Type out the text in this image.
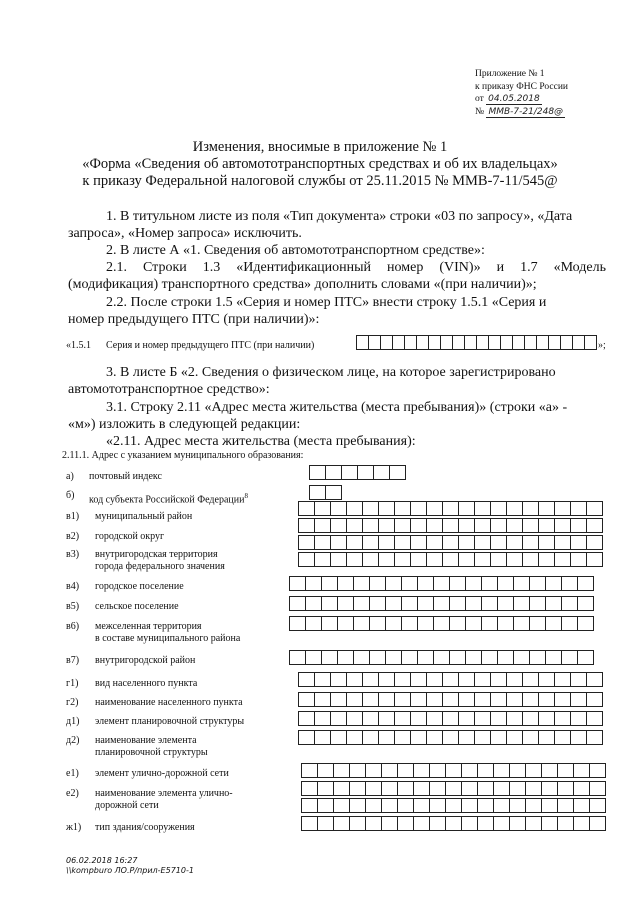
Приложение № 1
к приказу ФНС России
от 04.05.2018
№ ММВ-7-21/248@
Изменения, вносимые в приложение № 1
«Форма «Сведения об автомототранспортных средствах и об их владельцах»
к приказу Федеральной налоговой службы от 25.11.2015 № ММВ-7-11/545@
1. В титульном листе из поля «Тип документа» строки «03 по запросу», «Дата
запроса», «Номер запроса» исключить.
2. В листе А «1. Сведения об автомототранспортном средстве»:
2.1. Строки 1.3 «Идентификационный номер (VIN)» и 1.7 «Модель
(модификация) транспортного средства» дополнить словами «(при наличии)»;
2.2. После строки 1.5 «Серия и номер ПТС» внести строку 1.5.1 «Серия и
номер предыдущего ПТС (при наличии)»:
«1.5.1 Серия и номер предыдущего ПТС (при наличии)	»;
3. В листе Б «2. Сведения о физическом лице, на которое зарегистрировано
автомототранспортное средство»:
3.1. Строку 2.11 «Адрес места жительства (места пребывания)» (строки «а» -
«м») изложить в следующей редакции:
«2.11. Адрес места жительства (места пребывания):
2.11.1. Адрес с указанием муниципального образования:
а) почтовый индекс
б) код субъекта Российской Федерации$^8$
в1) муниципальный район
в2) городской округ
в3) внутригородская территория
города федерального значения
в4) городское поселение
в5) сельское поселение
в6) межселенная территория
в составе муниципального района
в7) внутригородской район
г1) вид населенного пункта
г2) наименование населенного пункта
д1) элемент планировочной структуры
д2) наименование элемента
планировочной структуры
е1) элемент улично-дорожной сети
е2) наименование элемента улично-
дорожной сети
ж1) тип здания/сооружения
06.02.2018 16:27
\\kompburo ЛО.Р/прил-Е5710-1
